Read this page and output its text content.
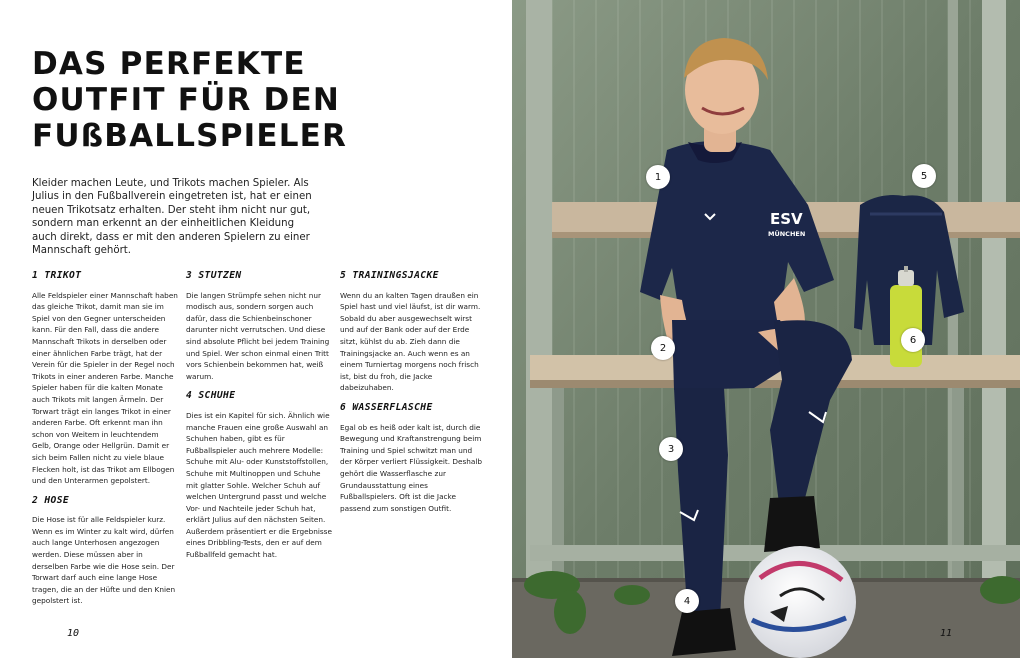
DAS PERFEKTE
OUTFIT FÜR DEN
FUßBALLSPIELER

Kleider machen Leute, und Trikots machen Spieler. Als Julius in den Fußballverein eingetreten ist, hat er einen neuen Trikotsatz erhalten. Der steht ihm nicht nur gut, sondern man erkennt an der einheitlichen Kleidung auch direkt, dass er mit den anderen Spielern zu einer Mannschaft gehört.

1 TRIKOT

Alle Feldspieler einer Mannschaft haben das gleiche Trikot, damit man sie im Spiel von den Gegner unterscheiden kann. Für den Fall, dass die andere Mannschaft Trikots in derselben oder einer ähnlichen Farbe trägt, hat der Verein für die Spieler in der Regel noch Trikots in einer anderen Farbe. Manche Spieler haben für die kalten Monate auch Trikots mit langen Ärmeln. Der Torwart trägt ein langes Trikot in einer anderen Farbe. Oft erkennt man ihn schon von Weitem in leuchtendem Gelb, Orange oder Hellgrün. Damit er sich beim Fallen nicht zu viele blaue Flecken holt, ist das Trikot am Ellbogen und den Unterarmen gepolstert.

2 HOSE

Die Hose ist für alle Feldspieler kurz. Wenn es im Winter zu kalt wird, dürfen auch lange Unterhosen angezogen werden. Diese müssen aber in derselben Farbe wie die Hose sein. Der Torwart darf auch eine lange Hose tragen, die an der Hüfte und den Knien gepolstert ist.

3 STUTZEN

Die langen Strümpfe sehen nicht nur modisch aus, sondern sorgen auch dafür, dass die Schienbeinschoner darunter nicht verrutschen. Und diese sind absolute Pflicht bei jedem Training und Spiel. Wer schon einmal einen Tritt vors Schienbein bekommen hat, weiß warum.

4 SCHUHE

Dies ist ein Kapitel für sich. Ähnlich wie manche Frauen eine große Auswahl an Schuhen haben, gibt es für Fußballspieler auch mehrere Modelle: Schuhe mit Alu- oder Kunststoffstollen, Schuhe mit Multinoppen und Schuhe mit glatter Sohle. Welcher Schuh auf welchen Untergrund passt und welche Vor- und Nachteile jeder Schuh hat, erklärt Julius auf den nächsten Seiten. Außerdem präsentiert er die Ergebnisse eines Dribbling-Tests, den er auf dem Fußballfeld gemacht hat.

5 TRAININGSJACKE

Wenn du an kalten Tagen draußen ein Spiel hast und viel läufst, ist dir warm. Sobald du aber ausgewechselt wirst und auf der Bank oder auf der Erde sitzt, kühlst du ab. Zieh dann die Trainingsjacke an. Auch wenn es an einem Turniertag morgens noch frisch ist, bist du froh, die Jacke dabeizuhaben.

6 WASSERFLASCHE

Egal ob es heiß oder kalt ist, durch die Bewegung und Kraftanstrengung beim Training und Spiel schwitzt man und der Körper verliert Flüssigkeit. Deshalb gehört die Wasserflasche zur Grundausstattung eines Fußballspielers. Oft ist die Jacke passend zum sonstigen Outfit.

10
ESV
MÜNCHEN
1
2
3
4
5
6
11
